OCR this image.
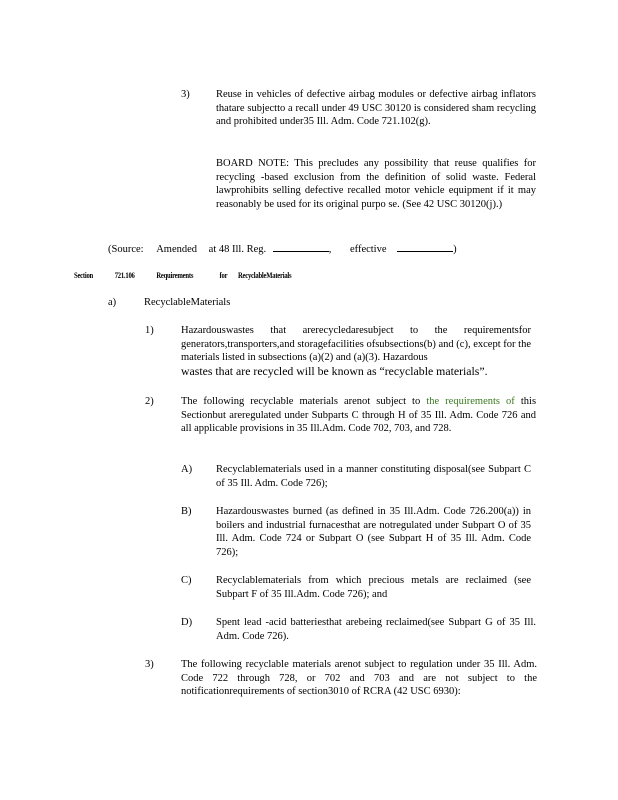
3)	Reuse in vehicles of defective airbag modules or defective airbag inflators thatare subjectto a recall under 49 USC 30120 is considered sham recycling and prohibited under35 Ill. Adm. Code 721.102(g).
BOARD NOTE: This precludes any possibility that reuse qualifies for recycling -based exclusion from the definition of solid waste. Federal lawprohibits selling defective recalled motor vehicle equipment if it may reasonably be used for its original purpo se. (See 42 USC 30120(j).)
(Source: Amended at 48 Ill. Reg.	, effective	)
Section	721.106	Requirements	for RecyclableMaterials
a)	RecyclableMaterials
1)	Hazardouswastes that arerecycledaresubject to the requirementsfor generators,transporters,and storagefacilities ofsubsections(b) and (c), except for the materials listed in subsections (a)(2) and (a)(3). Hazardous
wastes that are recycled will be known as “recyclable materials”.
2)	The following recyclable materials arenot subject to the requirements of this Sectionbut areregulated under Subparts C through H of 35 Ill. Adm. Code 726 and all applicable provisions in 35 Ill.Adm. Code 702, 703, and 728.
A) Recyclablematerials used in a manner constituting disposal(see Subpart C of 35 Ill. Adm. Code 726);
B) Hazardouswastes burned (as defined in 35 Ill.Adm. Code 726.200(a)) in boilers and industrial furnacesthat are notregulated under Subpart O of 35 Ill. Adm. Code 724 or Subpart O (see Subpart H of 35 Ill. Adm. Code 726);
C) Recyclablematerials from which precious metals are reclaimed (see Subpart F of 35 Ill.Adm. Code 726); and
D) Spent lead -acid batteriesthat arebeing reclaimed(see Subpart G of 35 Ill. Adm. Code 726).
3)	The following recyclable materials arenot subject to regulation under 35 Ill. Adm. Code 722 through 728, or 702 and 703 and are not subject to the notificationrequirements of section3010 of RCRA (42 USC 6930):
